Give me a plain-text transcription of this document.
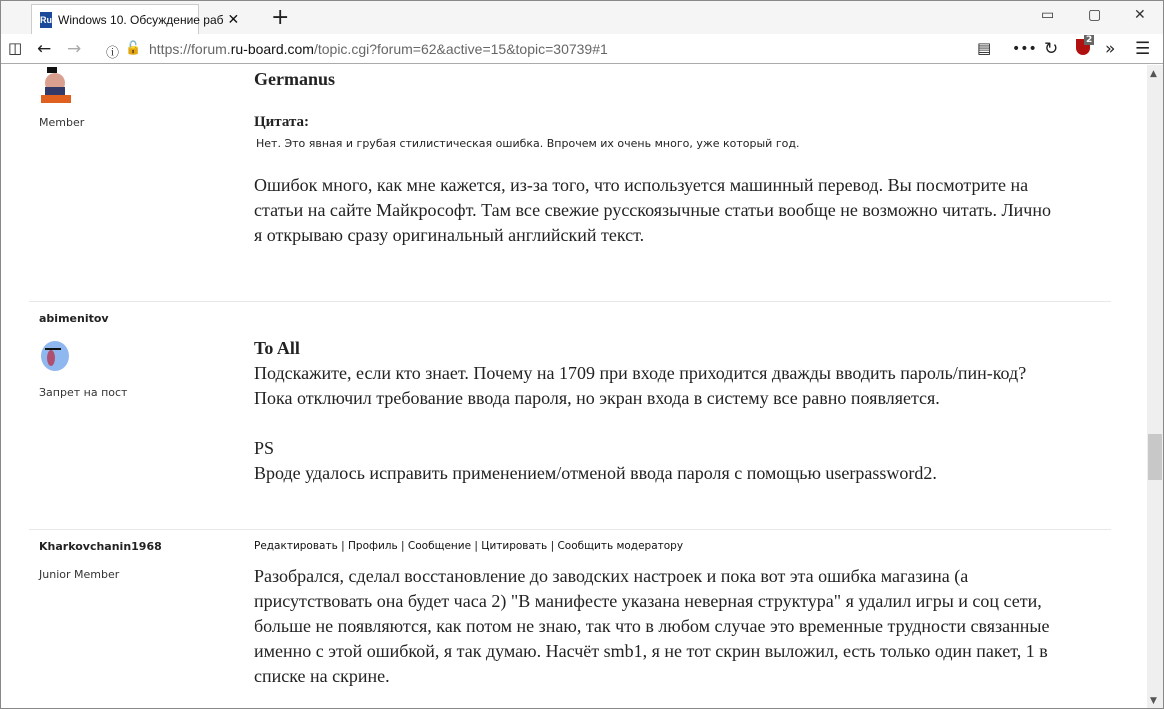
Ru Windows 10. Обсуждение раб ✕ +	▭ ▢ ✕
◫ ← → ⓘ 🔓 https://forum.ru-board.com/topic.cgi?forum=62&active=15&topic=30739#1	▤ ••• ↻	2 » ☰
Member
Germanus
Цитата:
Нет. Это явная и грубая стилистическая ошибка. Впрочем их очень много, уже который год.
Ошибок много, как мне кажется, из-за того, что используется машинный перевод. Вы посмотрите на
статьи на сайте Майкрософт. Там все свежие русскоязычные статьи вообще не возможно читать. Лично
я открываю сразу оригинальный английский текст.
abimenitov
Запрет на пост
To All
Подскажите, если кто знает. Почему на 1709 при входе приходится дважды вводить пароль/пин-код?
Пока отключил требование ввода пароля, но экран входа в систему все равно появляется.
PS
Вроде удалось исправить применением/отменой ввода пароля с помощью userpassword2.
Kharkovchanin1968
Junior Member
Редактировать | Профиль | Сообщение | Цитировать | Сообщить модератору
Разобрался, сделал восстановление до заводских настроек и пока вот эта ошибка магазина (а
присутствовать она будет часа 2) "В манифесте указана неверная структура" я удалил игры и соц сети,
больше не появляются, как потом не знаю, так что в любом случае это временные трудности связанные
именно с этой ошибкой, я так думаю. Насчёт smb1, я не тот скрин выложил, есть только один пакет, 1 в
списке на скрине.
▲
▼
